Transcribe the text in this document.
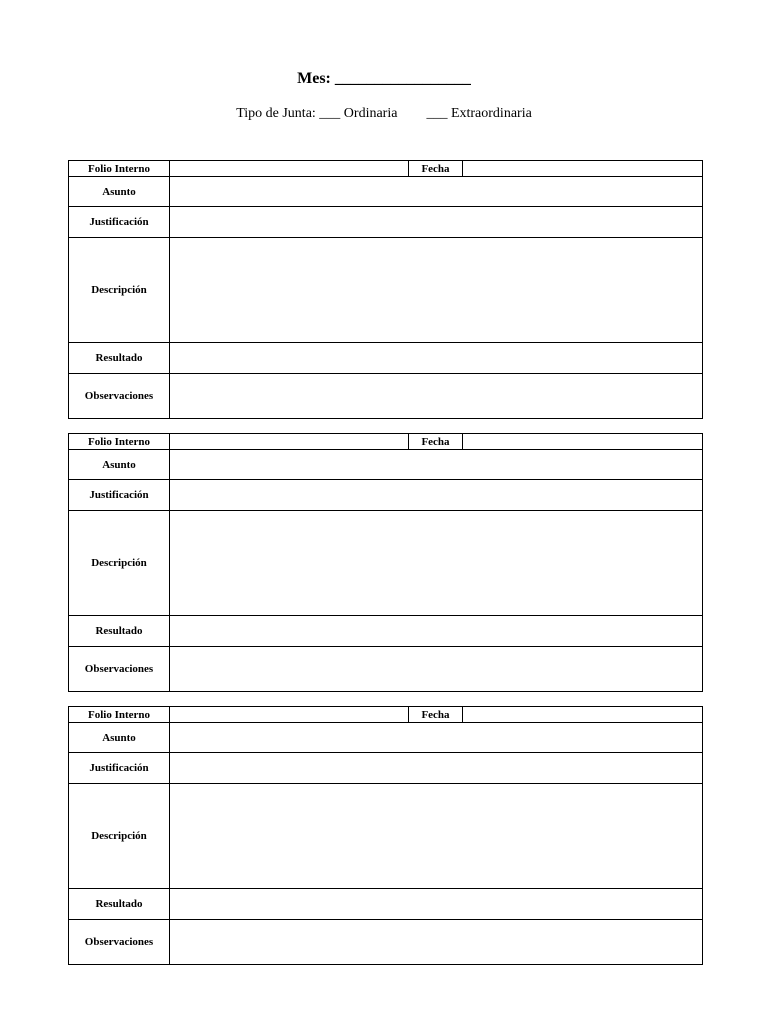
Mes: _________________
Tipo de Junta: ___ Ordinaria ___ Extraordinaria
Folio Interno		Fecha	
Asunto			
Justificación			
Descripción			
Resultado			
Observaciones			
Folio Interno		Fecha	
Asunto			
Justificación			
Descripción			
Resultado			
Observaciones			
Folio Interno		Fecha	
Asunto			
Justificación			
Descripción			
Resultado			
Observaciones			
